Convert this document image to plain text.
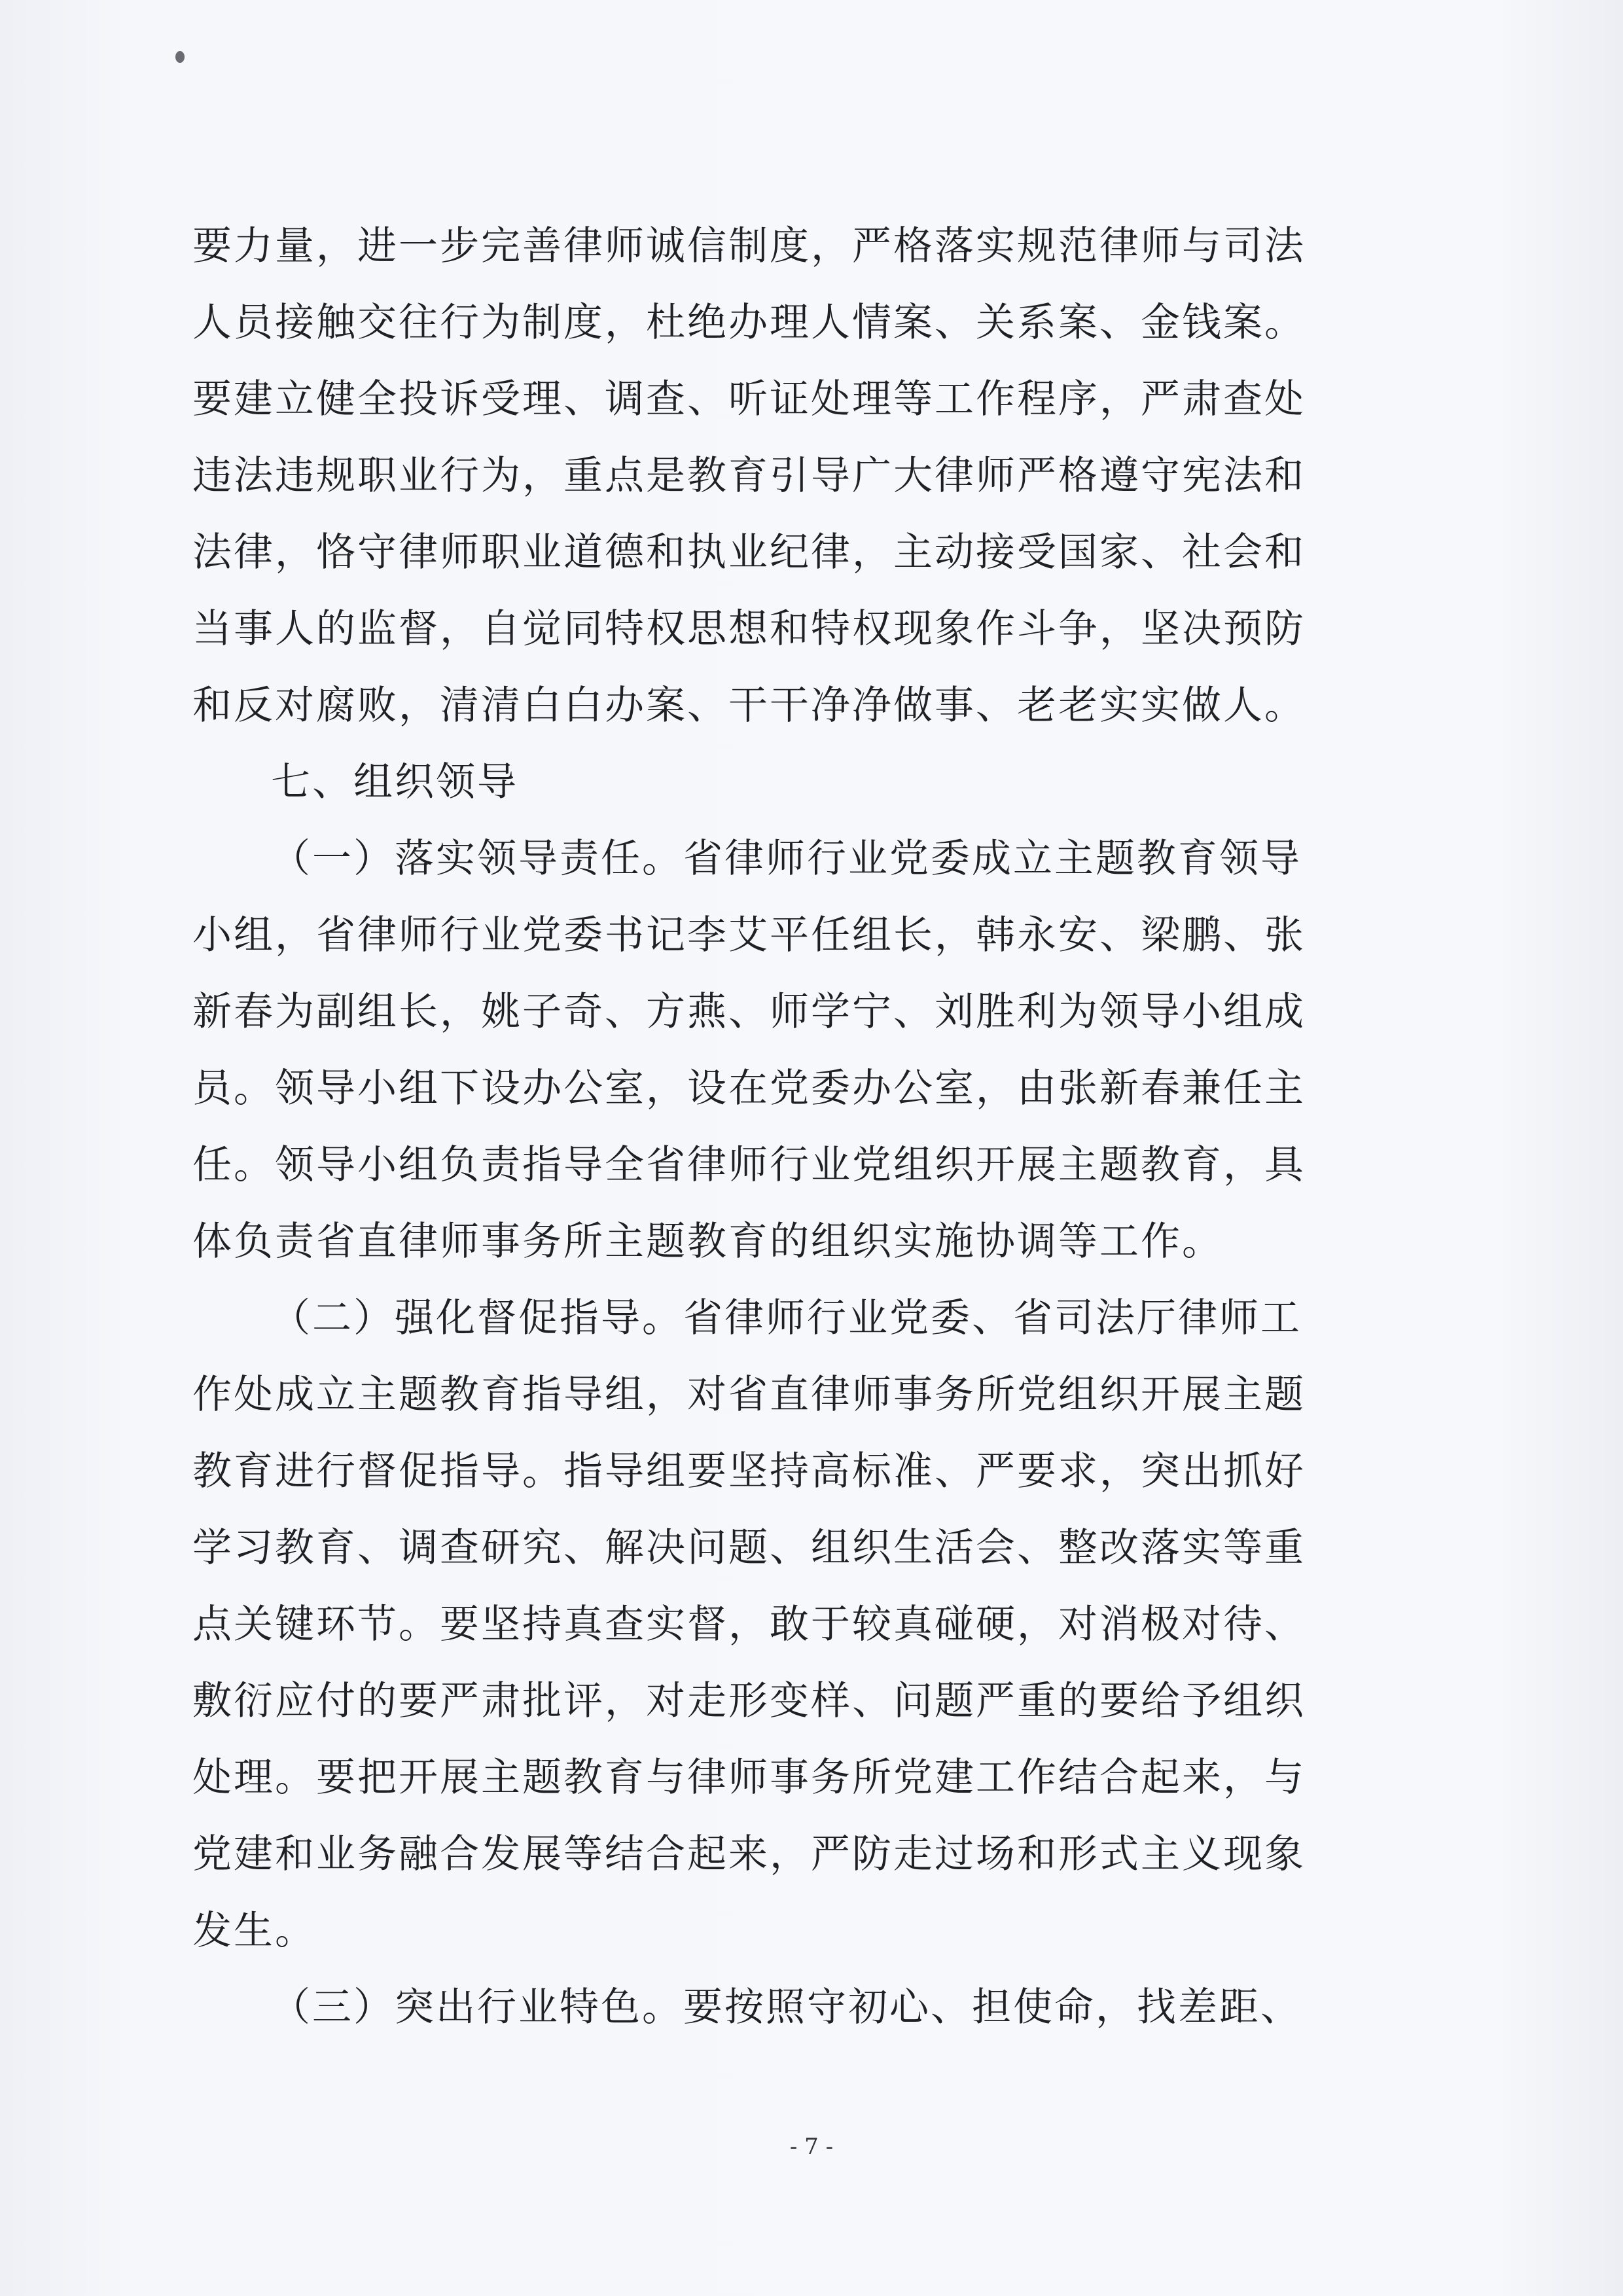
要力量，进一步完善律师诚信制度，严格落实规范律师与司法
人员接触交往行为制度，杜绝办理人情案、关系案、金钱案。
要建立健全投诉受理、调查、听证处理等工作程序，严肃查处
违法违规职业行为，重点是教育引导广大律师严格遵守宪法和
法律，恪守律师职业道德和执业纪律，主动接受国家、社会和
当事人的监督，自觉同特权思想和特权现象作斗争，坚决预防
和反对腐败，清清白白办案、干干净净做事、老老实实做人。
七、组织领导
（一）落实领导责任。省律师行业党委成立主题教育领导
小组，省律师行业党委书记李艾平任组长，韩永安、梁鹏、张
新春为副组长，姚子奇、方燕、师学宁、刘胜利为领导小组成
员。领导小组下设办公室，设在党委办公室，由张新春兼任主
任。领导小组负责指导全省律师行业党组织开展主题教育，具
体负责省直律师事务所主题教育的组织实施协调等工作。
（二）强化督促指导。省律师行业党委、省司法厅律师工
作处成立主题教育指导组，对省直律师事务所党组织开展主题
教育进行督促指导。指导组要坚持高标准、严要求，突出抓好
学习教育、调查研究、解决问题、组织生活会、整改落实等重
点关键环节。要坚持真查实督，敢于较真碰硬，对消极对待、
敷衍应付的要严肃批评，对走形变样、问题严重的要给予组织
处理。要把开展主题教育与律师事务所党建工作结合起来，与
党建和业务融合发展等结合起来，严防走过场和形式主义现象
发生。
（三）突出行业特色。要按照守初心、担使命，找差距、
- 7 -
